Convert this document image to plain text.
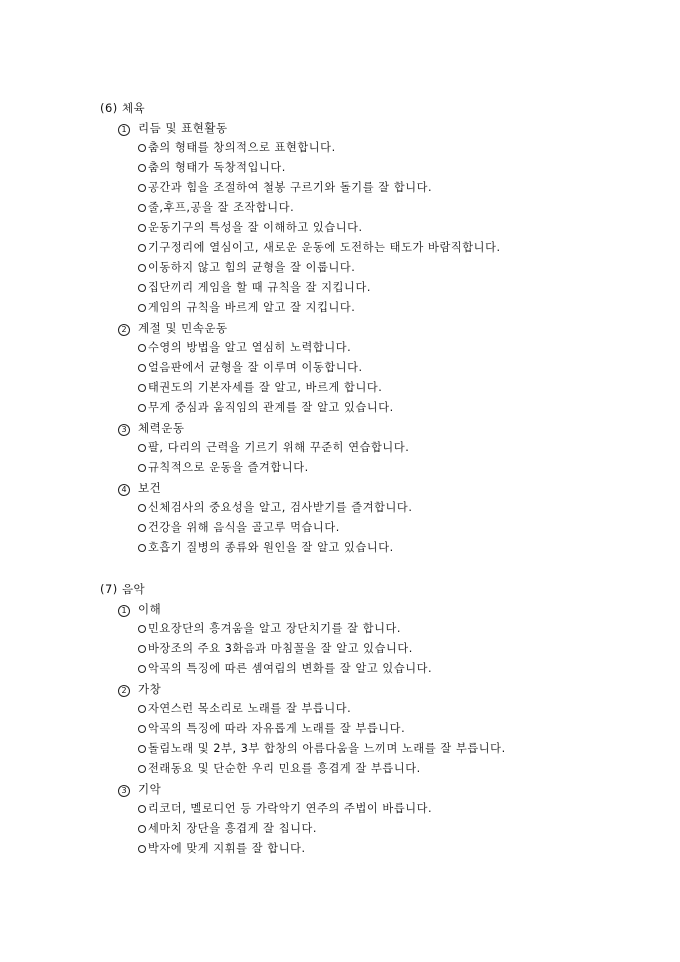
(6) 체육
1 리듬 및 표현활동
춤의 형태를 창의적으로 표현합니다.
춤의 형태가 독창적입니다.
공간과 힘을 조절하여 철봉 구르기와 돌기를 잘 합니다.
줄,후프,공을 잘 조작합니다.
운동기구의 특성을 잘 이해하고 있습니다.
기구정리에 열심이고, 새로운 운동에 도전하는 태도가 바람직합니다.
이동하지 않고 힘의 균형을 잘 이룹니다.
집단끼리 게임을 할 때 규칙을 잘 지킵니다.
게임의 규칙을 바르게 알고 잘 지킵니다.
2 계절 및 민속운동
수영의 방법을 알고 열심히 노력합니다.
얼음판에서 균형을 잘 이루며 이동합니다.
태권도의 기본자세를 잘 알고, 바르게 합니다.
무게 중심과 움직임의 관계를 잘 알고 있습니다.
3 체력운동
팔, 다리의 근력을 기르기 위해 꾸준히 연습합니다.
규칙적으로 운동을 즐겨합니다.
4 보건
신체검사의 중요성을 알고, 검사받기를 즐겨합니다.
건강을 위해 음식을 골고루 먹습니다.
호흡기 질병의 종류와 원인을 잘 알고 있습니다.
(7) 음악
1 이해
민요장단의 흥겨움을 알고 장단치기를 잘 합니다.
바장조의 주요 3화음과 마침꼴을 잘 알고 있습니다.
악곡의 특징에 따른 셈여림의 변화를 잘 알고 있습니다.
2 가창
자연스런 목소리로 노래를 잘 부릅니다.
악곡의 특징에 따라 자유롭게 노래를 잘 부릅니다.
돌림노래 및 2부, 3부 합창의 아름다움을 느끼며 노래를 잘 부릅니다.
전래동요 및 단순한 우리 민요를 흥겹게 잘 부릅니다.
3 기악
리코더, 멜로디언 등 가락악기 연주의 주법이 바릅니다.
세마치 장단을 흥겹게 잘 칩니다.
박자에 맞게 지휘를 잘 합니다.
